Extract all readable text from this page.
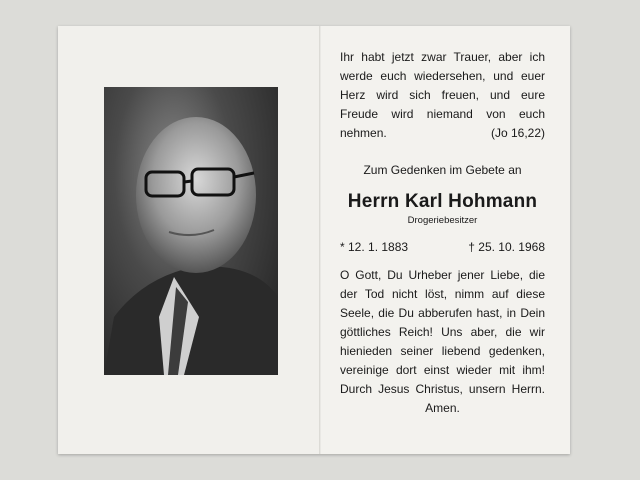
Ihr habt jetzt zwar Trauer, aber ich werde euch wiedersehen, und euer Herz wird sich freuen, und eure Freude wird niemand von euch nehmen.	(Jo 16,22)
Zum Gedenken im Gebete an
Herrn Karl Hohmann
Drogeriebesitzer
* 12. 1. 1883	† 25. 10. 1968

O Gott, Du Urheber jener Liebe, die der Tod nicht löst, nimm auf diese Seele, die Du abberufen hast, in Dein göttliches Reich! Uns aber, die wir hienieden seiner liebend gedenken, vereinige dort einst wieder mit ihm! Durch Jesus Christus, unsern Herrn. Amen.
